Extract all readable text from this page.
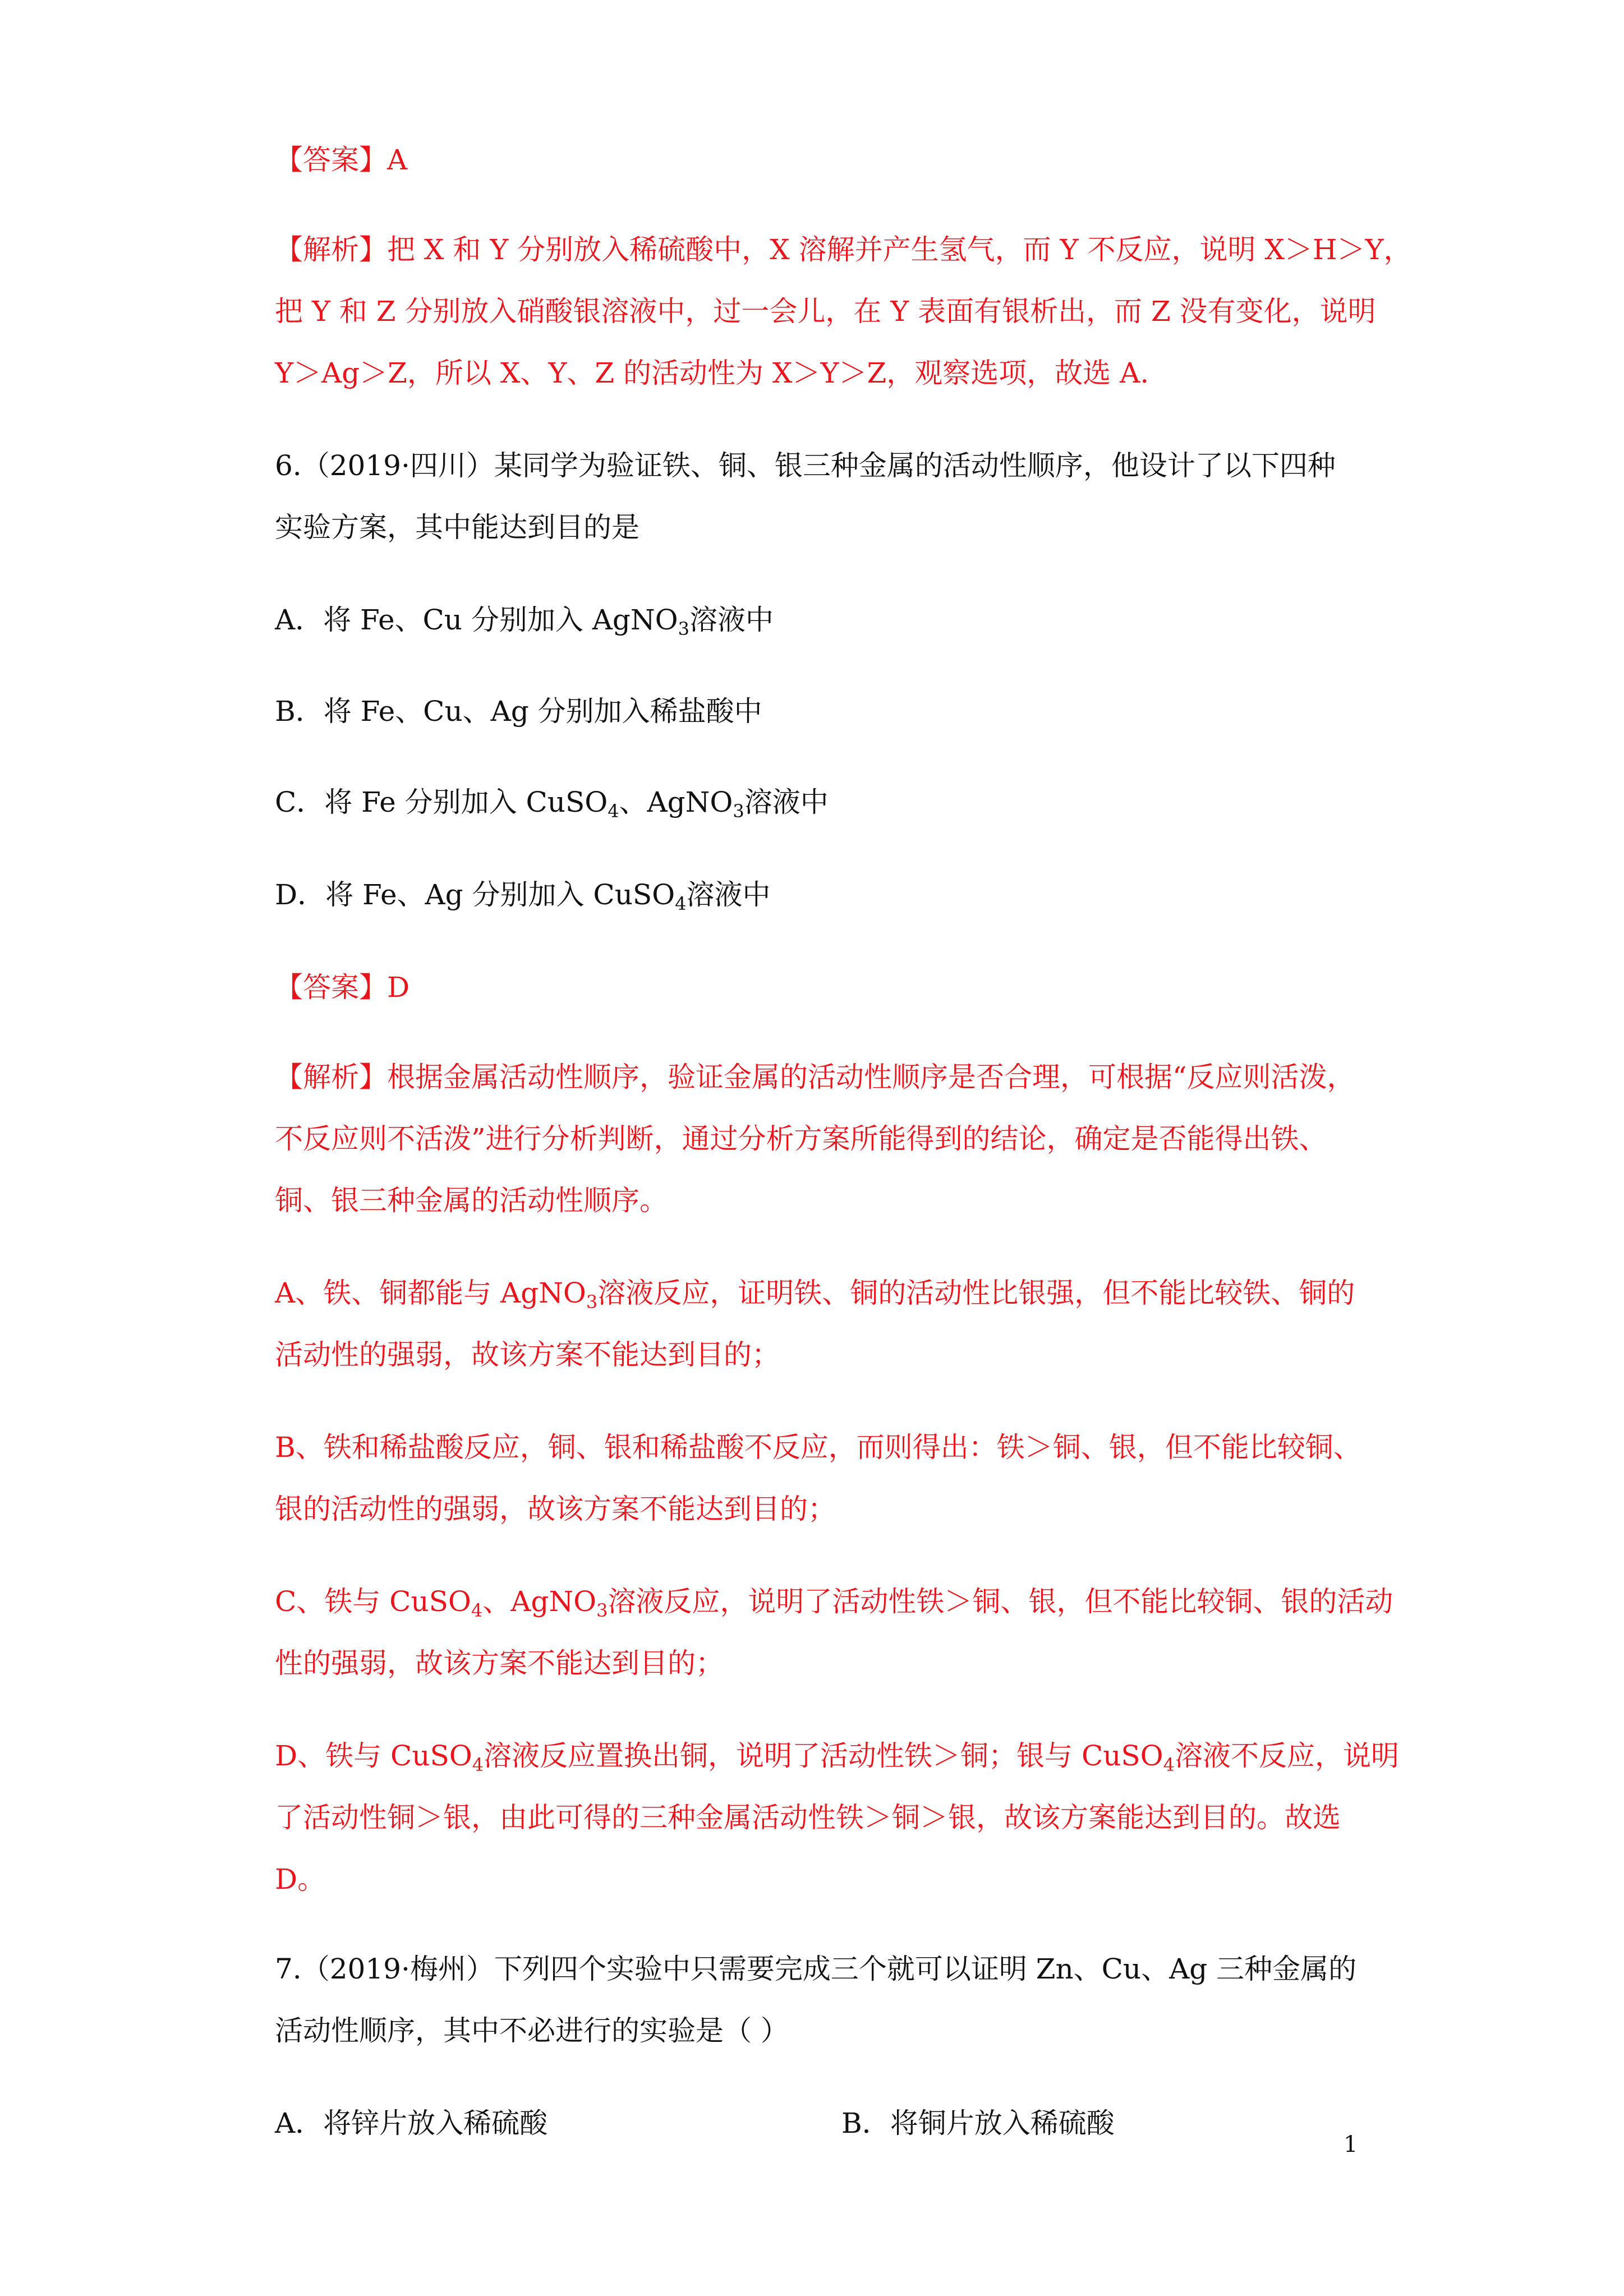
【答案】A
【解析】把 X 和 Y 分别放入稀硫酸中，X 溶解并产生氢气，而 Y 不反应，说明 X＞H＞Y，
把 Y 和 Z 分别放入硝酸银溶液中，过一会儿，在 Y 表面有银析出，而 Z 没有变化，说明
Y＞Ag＞Z，所以 X、Y、Z 的活动性为 X＞Y＞Z，观察选项，故选 A.
6.（2019·四川）某同学为验证铁、铜、银三种金属的活动性顺序，他设计了以下四种
实验方案，其中能达到目的是
A．将 Fe、Cu 分别加入 AgNO$_3$溶液中
B．将 Fe、Cu、Ag 分别加入稀盐酸中
C．将 Fe 分别加入 CuSO$_4$、AgNO$_3$溶液中
D．将 Fe、Ag 分别加入 CuSO$_4$溶液中
【答案】D
【解析】根据金属活动性顺序，验证金属的活动性顺序是否合理，可根据“反应则活泼，
不反应则不活泼”进行分析判断，通过分析方案所能得到的结论，确定是否能得出铁、
铜、银三种金属的活动性顺序。
A、铁、铜都能与 AgNO$_3$溶液反应，证明铁、铜的活动性比银强，但不能比较铁、铜的
活动性的强弱，故该方案不能达到目的；
B、铁和稀盐酸反应，铜、银和稀盐酸不反应，而则得出：铁＞铜、银，但不能比较铜、
银的活动性的强弱，故该方案不能达到目的；
C、铁与 CuSO$_4$、AgNO$_3$溶液反应，说明了活动性铁＞铜、银，但不能比较铜、银的活动
性的强弱，故该方案不能达到目的；
D、铁与 CuSO$_4$溶液反应置换出铜，说明了活动性铁＞铜；银与 CuSO$_4$溶液不反应，说明
了活动性铜＞银，由此可得的三种金属活动性铁＞铜＞银，故该方案能达到目的。故选
D。
7.（2019·梅州）下列四个实验中只需要完成三个就可以证明 Zn、Cu、Ag 三种金属的
活动性顺序，其中不必进行的实验是（ ）
A．将锌片放入稀硫酸	B．将铜片放入稀硫酸
1
